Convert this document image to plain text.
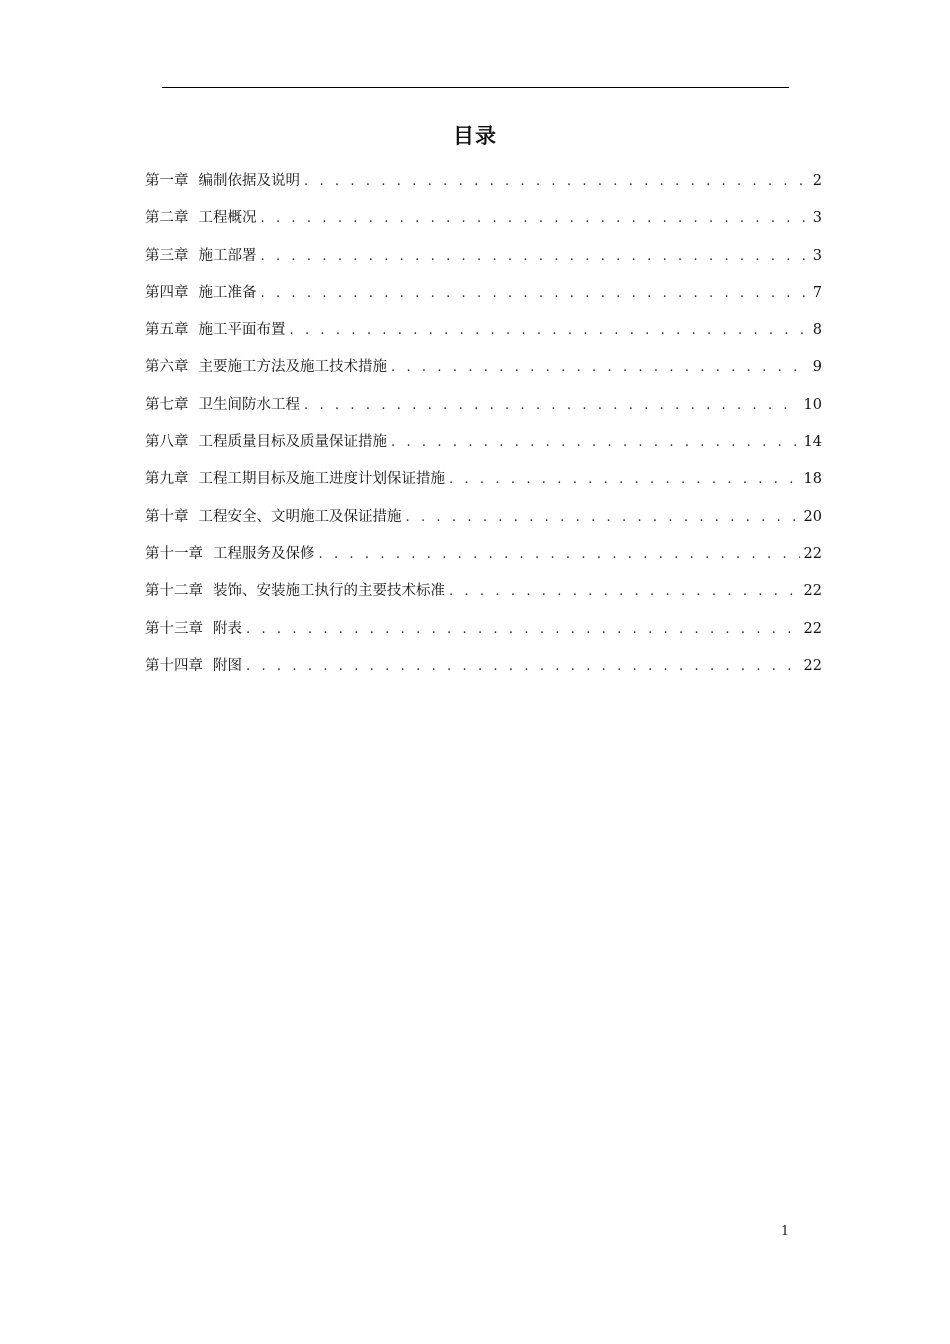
目录
第一章 编制依据及说明 . . .	2
第二章 工程概况 . . .	3
第三章 施工部署 . . .	3
第四章 施工准备 . . .	7
第五章 施工平面布置 . . .	8
第六章 主要施工方法及施工技术措施 . . .	9
第七章 卫生间防水工程 . . .	10
第八章 工程质量目标及质量保证措施 . . .	14
第九章 工程工期目标及施工进度计划保证措施 . . .	18
第十章 工程安全、文明施工及保证措施 . . .	20
第十一章 工程服务及保修 . . .	22
第十二章 装饰、安装施工执行的主要技术标准 . . .	22
第十三章 附表 . . .	22
第十四章 附图 . . .	22
1
